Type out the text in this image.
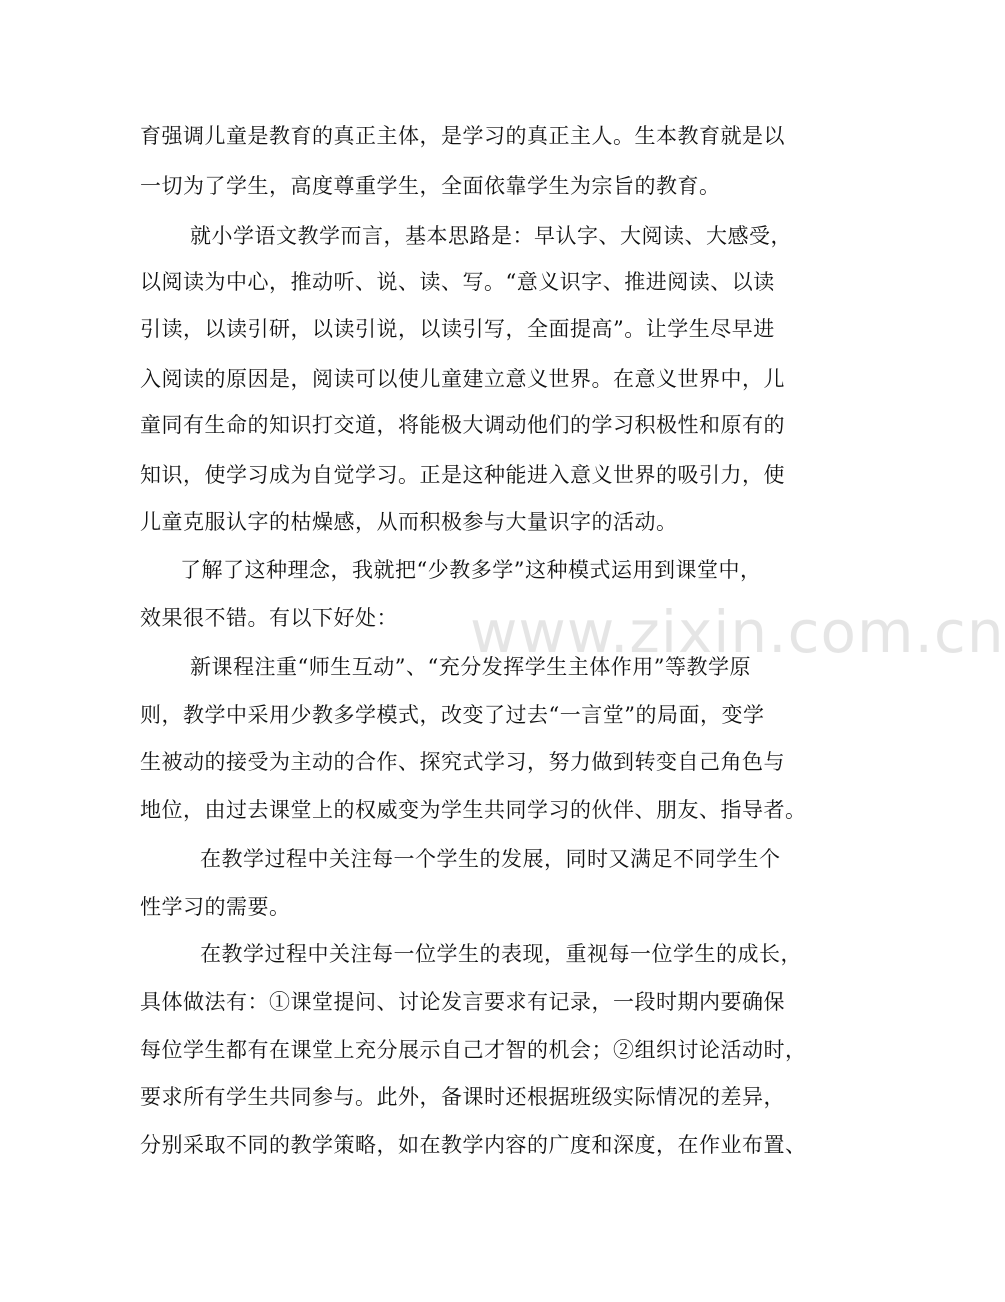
育强调儿童是教育的真正主体，是学习的真正主人。生本教育就是以
一切为了学生，高度尊重学生，全面依靠学生为宗旨的教育。
就小学语文教学而言，基本思路是：早认字、大阅读、大感受，
以阅读为中心，推动听、说、读、写。“意义识字、推进阅读、以读
引读，以读引研，以读引说，以读引写，全面提高”。让学生尽早进
入阅读的原因是，阅读可以使儿童建立意义世界。在意义世界中，儿
童同有生命的知识打交道，将能极大调动他们的学习积极性和原有的
知识，使学习成为自觉学习。正是这种能进入意义世界的吸引力，使
儿童克服认字的枯燥感，从而积极参与大量识字的活动。
了解了这种理念，我就把“少教多学”这种模式运用到课堂中，
效果很不错。有以下好处：
新课程注重“师生互动”、“充分发挥学生主体作用”等教学原
则，教学中采用少教多学模式，改变了过去“一言堂”的局面，变学
生被动的接受为主动的合作、探究式学习，努力做到转变自己角色与
地位，由过去课堂上的权威变为学生共同学习的伙伴、朋友、指导者。
在教学过程中关注每一个学生的发展，同时又满足不同学生个
性学习的需要。
在教学过程中关注每一位学生的表现，重视每一位学生的成长，
具体做法有：①课堂提问、讨论发言要求有记录，一段时期内要确保
每位学生都有在课堂上充分展示自己才智的机会；②组织讨论活动时，
要求所有学生共同参与。此外，备课时还根据班级实际情况的差异，
分别采取不同的教学策略，如在教学内容的广度和深度，在作业布置、
www.zixin.com.cn
